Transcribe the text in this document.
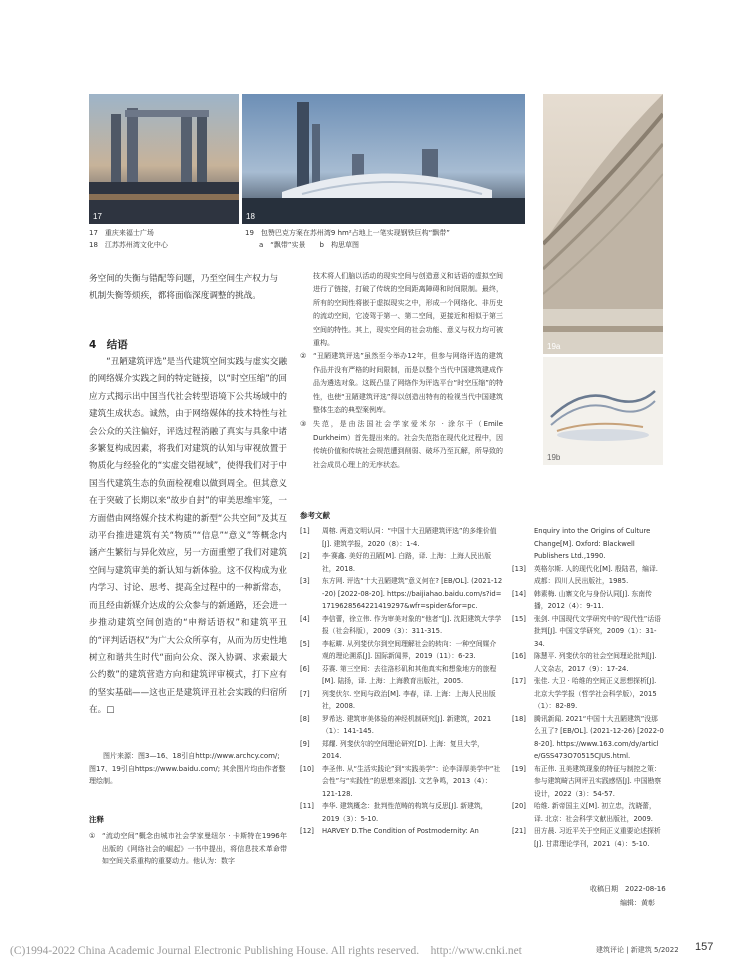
17	18
19a
19b
17　重庆来福士广场
18　江苏苏州湾文化中心
19　包赞巴克方案在苏州湾9 hm²占地上一笔实现钢铁巨构“飘带”
a　“飘带”实景　　b　构思草图
务空间的失衡与错配等问题，乃至空间生产权力与
机制失衡等烦疾，都将面临深度调整的挑战。
4　结语

“丑陋建筑评选”是当代建筑空间实践与虚实交融的网络媒介实践之间的特定链接，以“时空压缩”的回应方式揭示出中国当代社会转型语境下公共场域中的建筑生成状态。诚然，由于网络媒体的技术特性与社会公众的关注偏好，评选过程消融了真实与具象中诸多繁复构成因素，将我们对建筑的认知与审视放置于物质化与经验化的“实虚交错视域”，使得我们对于中国当代建筑生态的负面检视难以做到周全。但其意义在于突破了长期以来“故步自封”的审美思维牢笼，一方面借由网络媒介技术构建的新型“公共空间”及其互动平台推进建筑有关“物质”“信息”“意义”等概念内涵产生繁衍与异化效应，另一方面重塑了我们对建筑空间与建筑审美的新认知与新体验。这不仅构成为业内学习、讨论、思考、提高全过程中的一种新常态，而且经由新媒介达成的公众参与的新通路，还会进一步推动建筑空间创造的“申辩话语权”和建筑平丑的“评判话语权”为广大公众所享有，从而为历史性地树立和谐共生时代“面向公众、深入协调、求索最大公约数”的建筑营造方向和建筑评审模式，打下应有的坚实基础——这也正是建筑评丑社会实践的归宿所在。□

图片来源：图3—16、18引自http://www.archcy.com/; 图17、19引自https://www.baidu.com/; 其余图片均由作者整理绘制。
注释
① “流动空间”概念由城市社会学家曼纽尔 · 卡斯特在1996年出版的《网络社会的崛起》一书中提出，将信息技术革命带如空间关系重构的重要动力。他认为：数字
技术将人们脑以活动的现实空间与创造意义和话语的虚拟空间进行了链接，打破了传统的空间距离障碍和时间限制。最终，所有的空间性将嵌于虚拟现实之中，形成一个网络化、非历史的流动空间，它凌驾于第一、第二空间，更接近和相似于第三空间的特性。其上，现实空间的社会功能、意义与权力均可被重构。
② “丑陋建筑评选”虽然至今举办12年，但参与网络评选的建筑作品并没有严格的时间限制，而是以整个当代中国建筑建成作品为遴选对象。这既凸显了网络作为评选平台“时空压缩”的特性，也使“丑陋建筑评选”得以创造出特有的检视当代中国建筑整体生态的典型案例库。
③ 失范，是由法国社会学家爱米尔 · 涂尔干（Emile Durkheim）首先提出来的。社会失范指在现代化过程中，因传统价值和传统社会规范遭到削弱、破坏乃至瓦解，所导致的社会成员心理上的无序状态。
参考文献
[1]	周榕. 两造文明认同：“中国十大丑陋建筑评选”的多维价值 [J]. 建筑学报，2020（8）：1-4.
[2]	李·赛鑫. 美好的丑陋[M]. 白路，译. 上海：上海人民出版社，2018.
[3]	东方网. 评选“十大丑陋建筑”意义何在? [EB/OL]. (2021-12-20) [2022-08-20]. https://baijiahao.baidu.com/s?id=1719628564221419297&wfr=spider&for=pc.
[4]	李信蕾，徐立伟. 作为审美对象的“他者”[J]. 沈阳建筑大学学报（社会科版），2009（3）：311-315.
[5]	李耘畊. 从列斐伏尔到空间理解社会的转向：一种空间媒介观的理论溯系[J]. 国际新闻界，2019（11）：6-23.
[6]	芬赛. 第三空间：去往洛杉矶和其他真实和想象地方的旅程[M]. 陆扬，译. 上海：上海教育出版社，2005.
[7]	列斐伏尔. 空间与政治[M]. 李春，译. 上海：上海人民出版社，2008.
[8]	罗希达. 建筑审美体验的神经机制研究[J]. 新建筑，2021（1）：141-145.
[9]	郑耀. 列斐伏尔的空间理论研究[D]. 上海：复旦大学，2014.
[10]	李圣伟. 从“生活实践论”到“实践美学”：论李泽厚美学中“社会性”与“实践性”的思想来源[J]. 文艺争鸣，2013（4）：121-128.
[11]	李华. 建筑概念：批判性范畴的构筑与反思[J]. 新建筑，2019（3）：5-10.
[12]	HARVEY D.The Condition of Postmodernity: An
Enquiry into the Origins of Culture Change[M]. Oxford: Blackwell Publishers Ltd.,1990.
[13]	英格尔斯. 人的现代化[M]. 殷陆君，编译. 成都：四川人民出版社，1985.
[14]	韩素梅. 山寨文化与身份认同[J]. 东南传播，2012（4）：9-11.
[15]	张剑. 中国现代文学研究中的“现代性”话语批判[J]. 中国文学研究，2009（1）：31-34.
[16]	陈慧平. 列斐伏尔的社会空间理论批判[J]. 人文杂志，2017（9）：17-24.
[17]	张佳. 大卫 · 哈维的空间正义思想探析[J]. 北京大学学报（哲学社会科学版），2015（1）：82-89.
[18]	腾讯新闻. 2021“中国十大丑陋建筑”没那么丑了? [EB/OL]. (2021-12-26) [2022-08-20]. https://www.163.com/dy/article/GSS473O70515CJUS.html.
[19]	布正伟. 丑美建筑现象的特征与制控之策：参与建筑畸古网评丑实践感悟[J]. 中国勘察设计，2022（3）：54-57.
[20]	哈维. 新帝国主义[M]. 初立忠，沈晓蕾，译. 北京：社会科学文献出版社，2009.
[21]	田方晨. 习近平关于空间正义重要论述探析[J]. 甘肃理论学刊，2021（4）：5-10.
收稿日期　2022-08-16
编辑：黄彰
(C)1994-2022 China Academic Journal Electronic Publishing House. All rights reserved.　http://www.cnki.net	建筑评论 | 新建筑 5/2022 157
